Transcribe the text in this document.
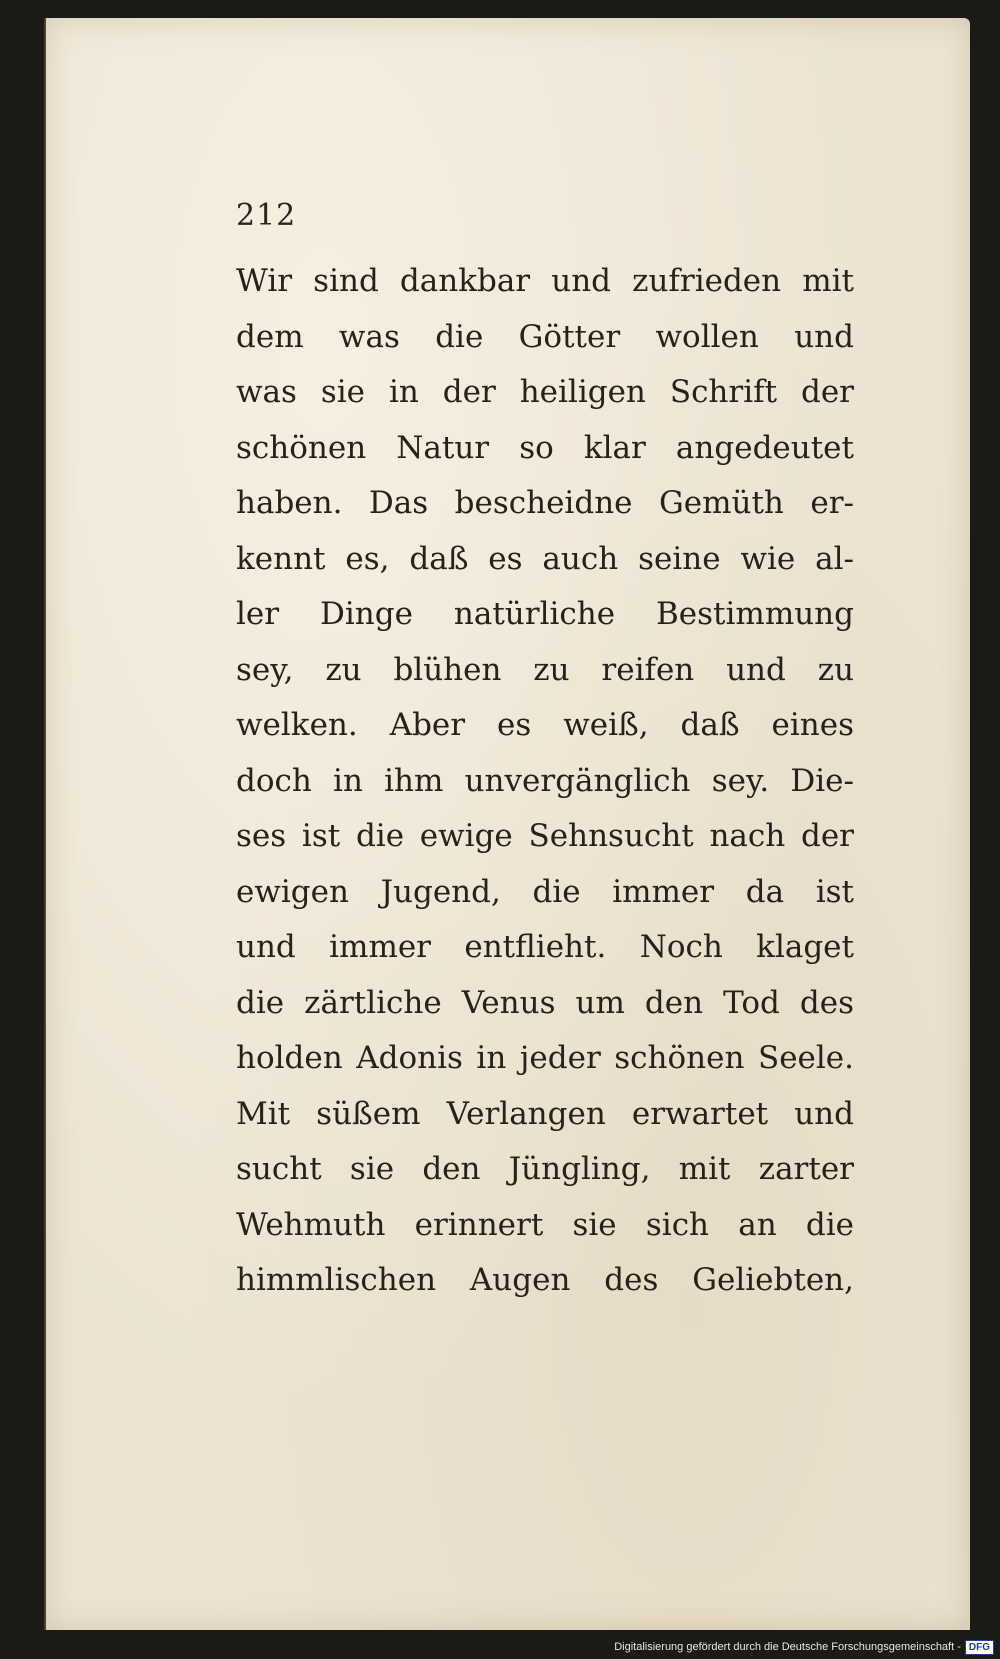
212
Wir sind dankbar und zufrieden mit
dem was die Götter wollen und
was sie in der heiligen Schrift der
schönen Natur so klar angedeutet
haben. Das bescheidne Gemüth er-
kennt es, daß es auch seine wie al-
ler Dinge natürliche Bestimmung
sey, zu blühen zu reifen und zu
welken. Aber es weiß, daß eines
doch in ihm unvergänglich sey. Die-
ses ist die ewige Sehnsucht nach der
ewigen Jugend, die immer da ist
und immer entflieht. Noch klaget
die zärtliche Venus um den Tod des
holden Adonis in jeder schönen Seele.
Mit süßem Verlangen erwartet und
sucht sie den Jüngling, mit zarter
Wehmuth erinnert sie sich an die
himmlischen Augen des Geliebten,
Digitalisierung gefördert durch die Deutsche Forschungsgemeinschaft - DFG
